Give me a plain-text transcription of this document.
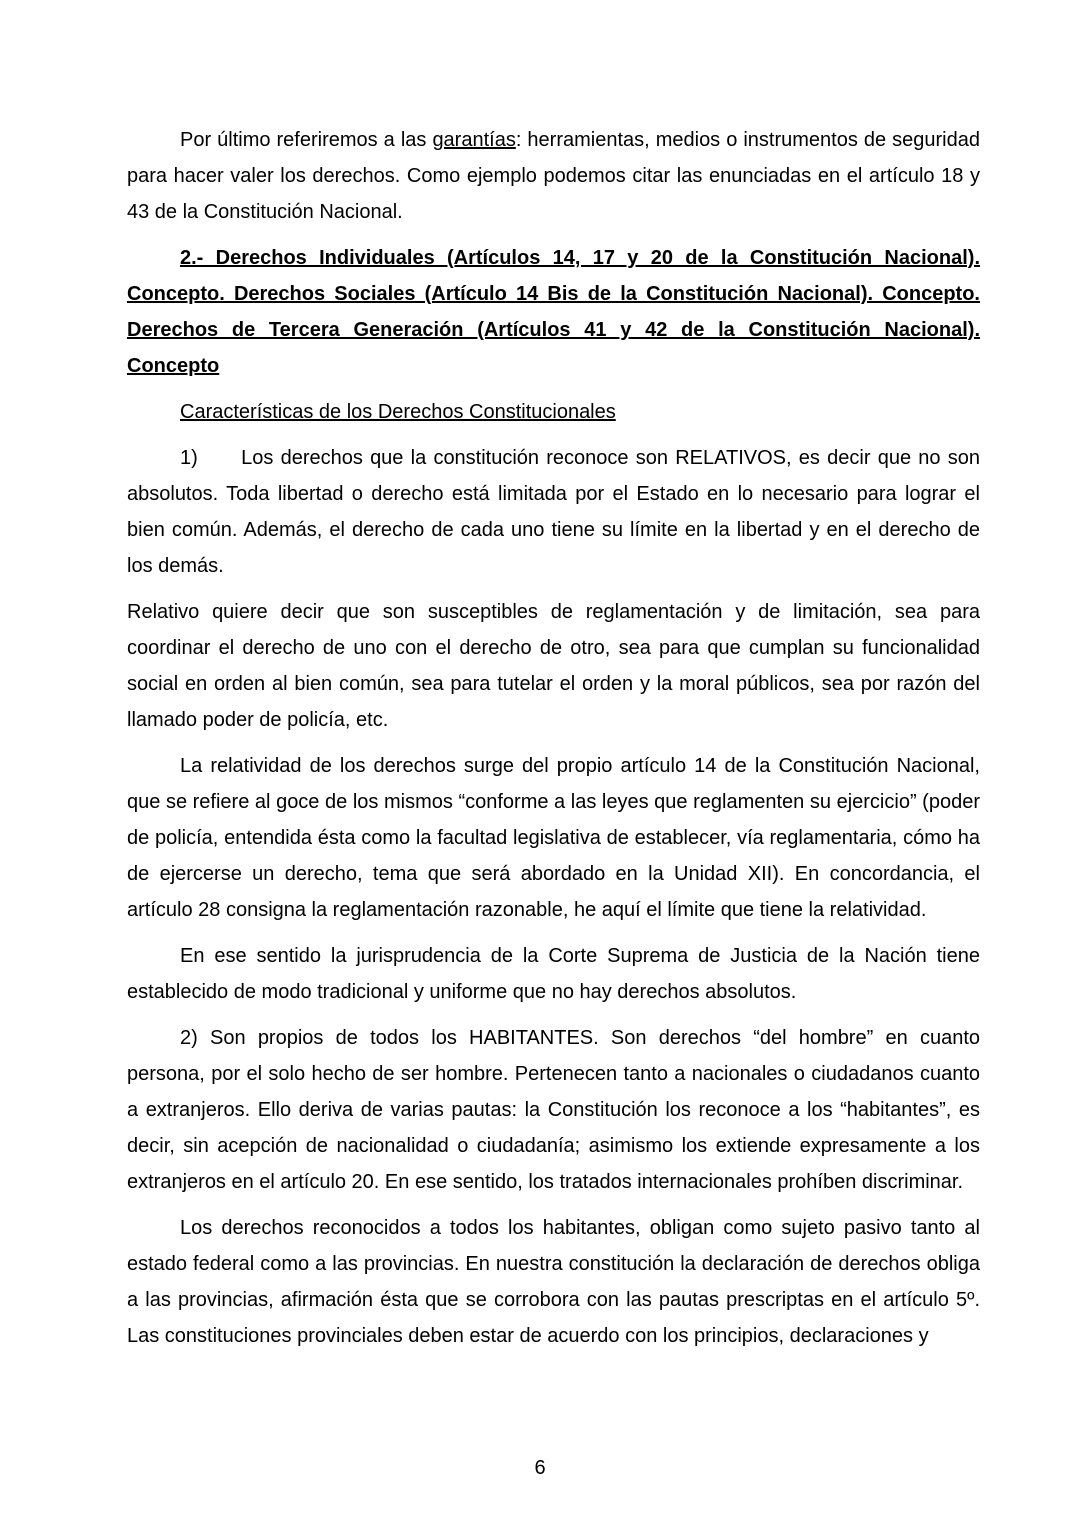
Por último referiremos a las garantías: herramientas, medios o instrumentos de seguridad para hacer valer los derechos. Como ejemplo podemos citar las enunciadas en el artículo 18 y 43 de la Constitución Nacional.

2.- Derechos Individuales (Artículos 14, 17 y 20 de la Constitución Nacional). Concepto. Derechos Sociales (Artículo 14 Bis de la Constitución Nacional). Concepto. Derechos de Tercera Generación (Artículos 41 y 42 de la Constitución Nacional). Concepto

Características de los Derechos Constitucionales

1)      Los derechos que la constitución reconoce son RELATIVOS, es decir que no son absolutos. Toda libertad o derecho está limitada por el Estado en lo necesario para lograr el bien común. Además, el derecho de cada uno tiene su límite en la libertad y en el derecho de los demás.

Relativo quiere decir que son susceptibles de reglamentación y de limitación, sea para coordinar el derecho de uno con el derecho de otro, sea para que cumplan su funcionalidad social en orden al bien común, sea para tutelar el orden y la moral públicos, sea por razón del llamado poder de policía, etc.

La relatividad de los derechos surge del propio artículo 14 de la Constitución Nacional, que se refiere al goce de los mismos “conforme a las leyes que reglamenten su ejercicio” (poder de policía, entendida ésta como la facultad legislativa de establecer, vía reglamentaria, cómo ha de ejercerse un derecho, tema que será abordado en la Unidad XII). En concordancia, el artículo 28 consigna la reglamentación razonable, he aquí el límite que tiene la relatividad.

En ese sentido la jurisprudencia de la Corte Suprema de Justicia de la Nación tiene establecido de modo tradicional y uniforme que no hay derechos absolutos.

2) Son propios de todos los HABITANTES. Son derechos “del hombre” en cuanto persona, por el solo hecho de ser hombre. Pertenecen tanto a nacionales o ciudadanos cuanto a extranjeros. Ello deriva de varias pautas: la Constitución los reconoce a los “habitantes”, es decir, sin acepción de nacionalidad o ciudadanía; asimismo los extiende expresamente a los extranjeros en el artículo 20. En ese sentido, los tratados internacionales prohíben discriminar.

Los derechos reconocidos a todos los habitantes, obligan como sujeto pasivo tanto al estado federal como a las provincias. En nuestra constitución la declaración de derechos obliga a las provincias, afirmación ésta que se corrobora con las pautas prescriptas en el artículo 5º. Las constituciones provinciales deben estar de acuerdo con los principios, declaraciones y

6
